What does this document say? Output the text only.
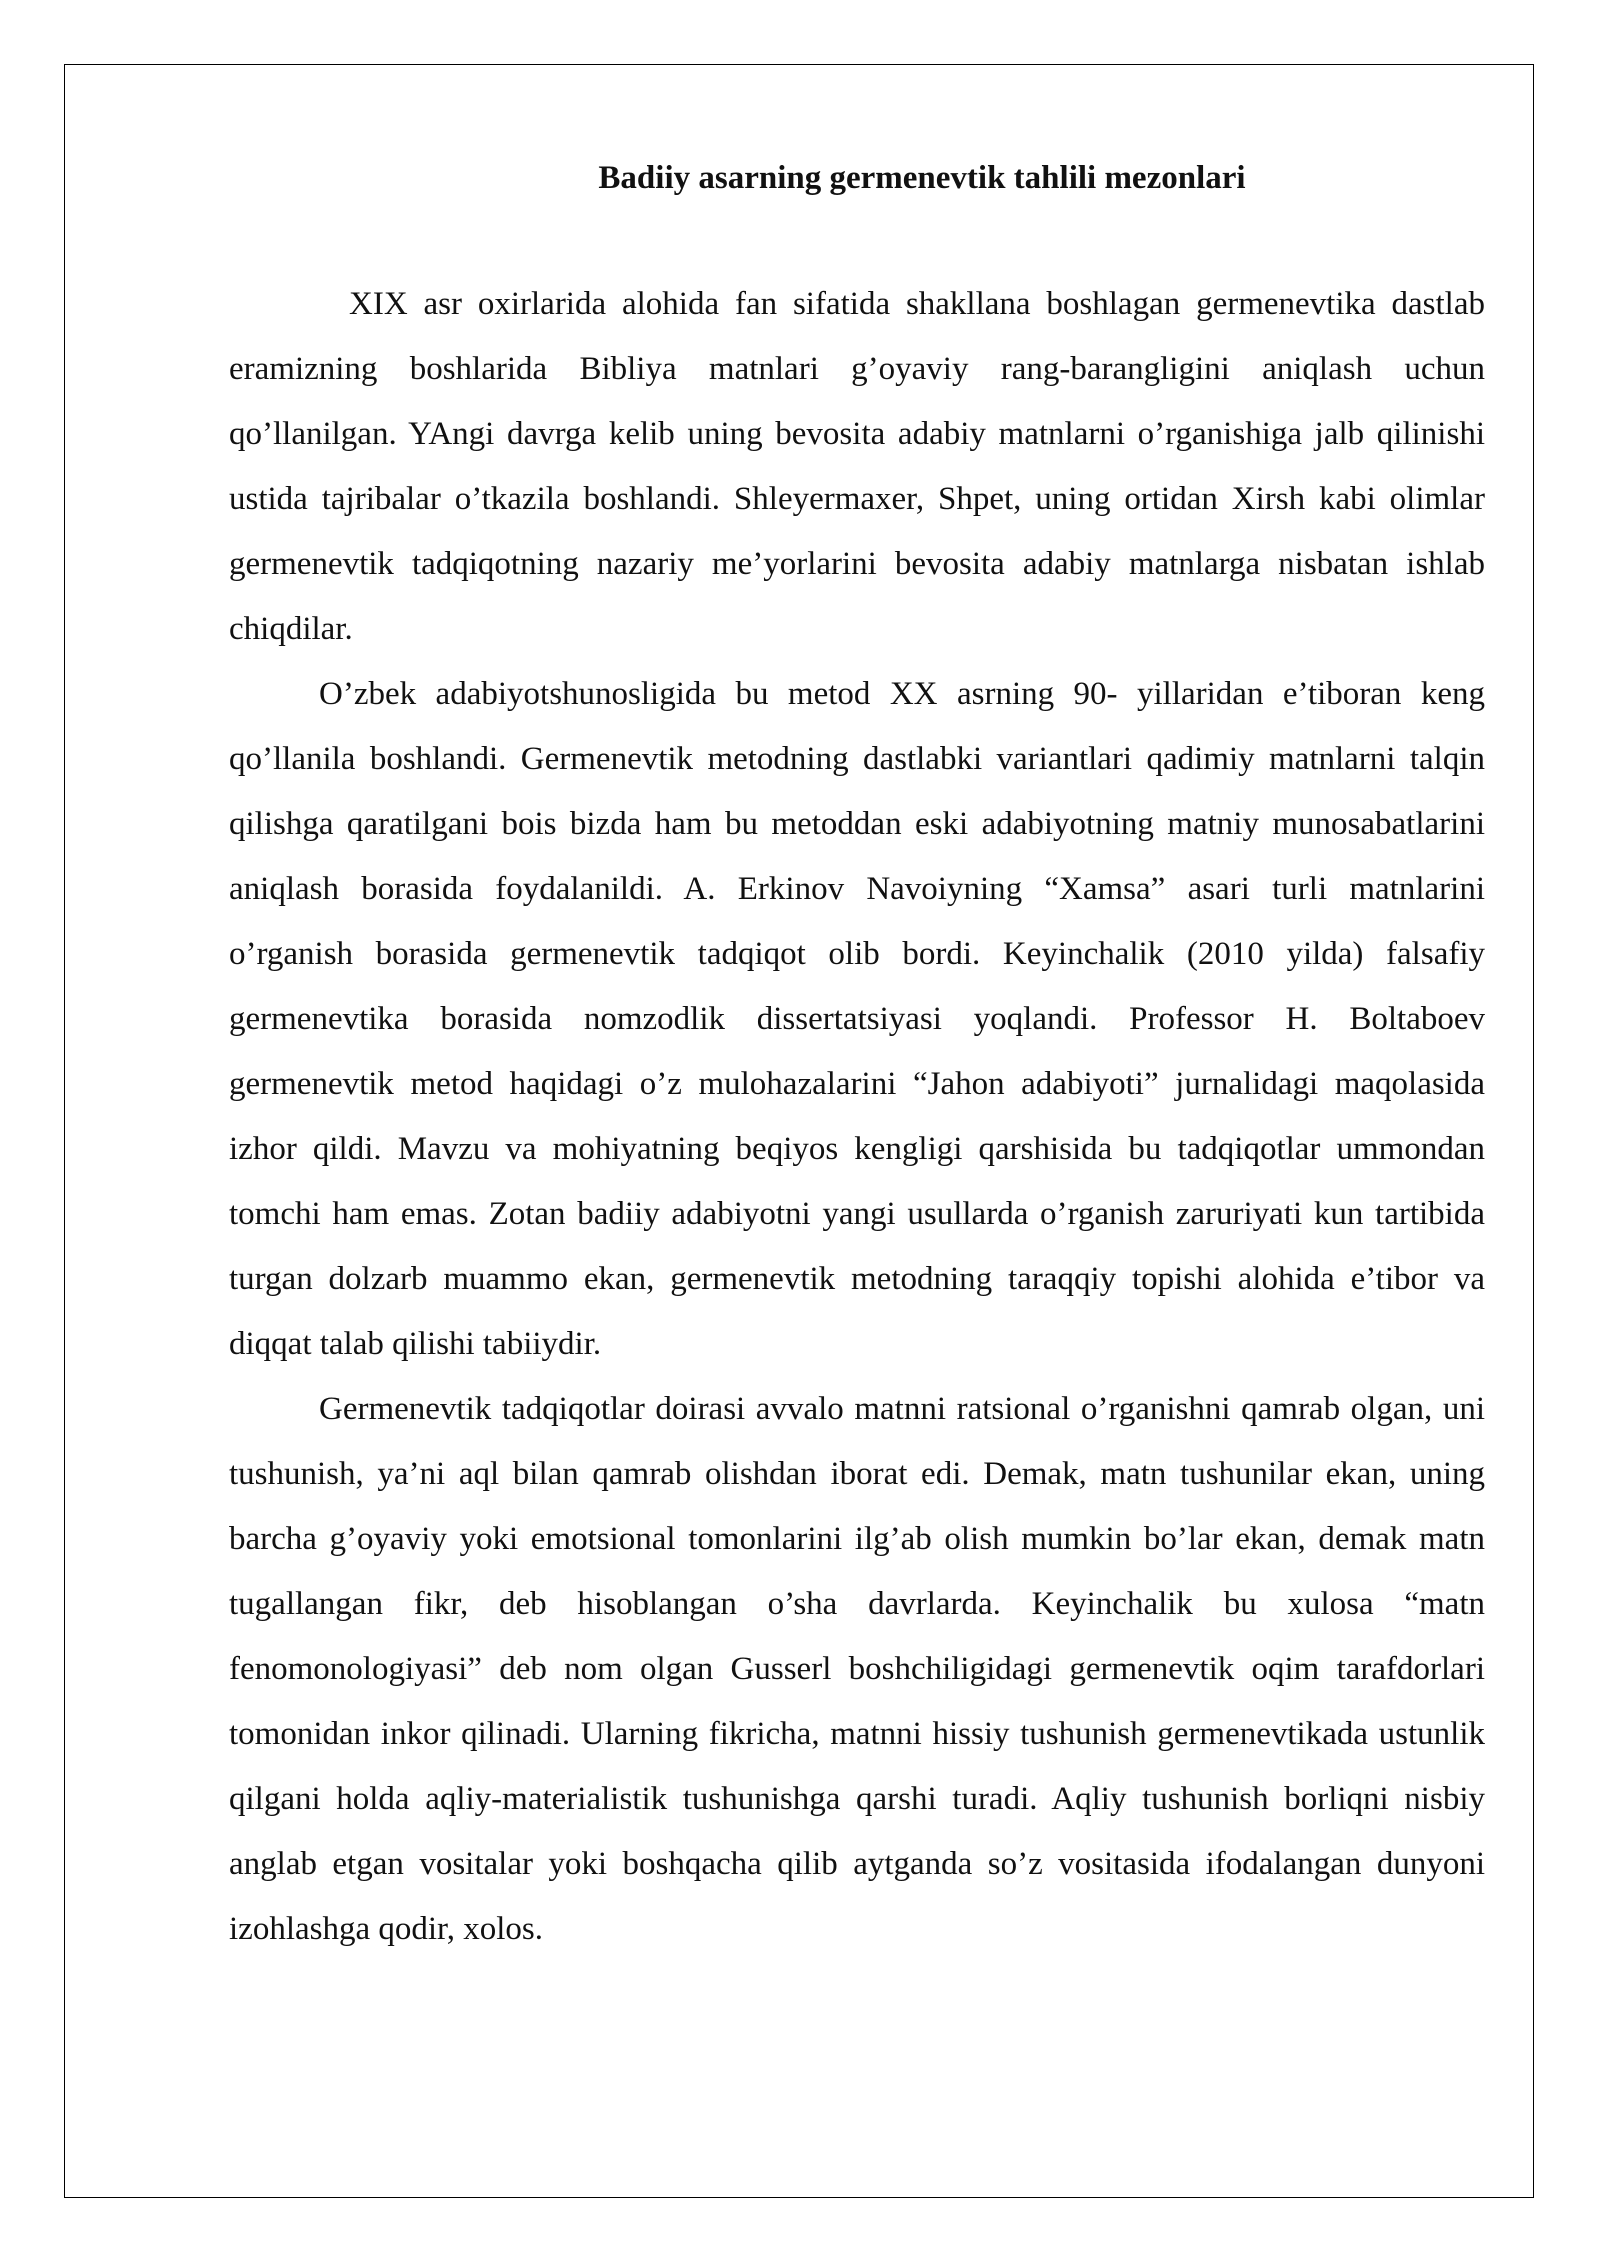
Badiiy asarning germenevtik tahlili mezonlari

XIX asr oxirlarida alohida fan sifatida shakllana boshlagan germenevtika dastlab eramizning boshlarida Bibliya matnlari g’oyaviy rang-barangligini aniqlash uchun qo’llanilgan. YAngi davrga kelib uning bevosita adabiy matnlarni o’rganishiga jalb qilinishi ustida tajribalar o’tkazila boshlandi. Shleyermaxer, Shpet, uning ortidan Xirsh kabi olimlar germenevtik tadqiqotning nazariy me’yorlarini bevosita adabiy matnlarga nisbatan ishlab chiqdilar.

O’zbek adabiyotshunosligida bu metod XX asrning 90- yillaridan e’tiboran keng qo’llanila boshlandi. Germenevtik metodning dastlabki variantlari qadimiy matnlarni talqin qilishga qaratilgani bois bizda ham bu metoddan eski adabiyotning matniy munosabatlarini aniqlash borasida foydalanildi. A. Erkinov Navoiyning “Xamsa” asari turli matnlarini o’rganish borasida germenevtik tadqiqot olib bordi. Keyinchalik (2010 yilda) falsafiy germenevtika borasida nomzodlik dissertatsiyasi yoqlandi. Professor H. Boltaboev germenevtik metod haqidagi o’z mulohazalarini “Jahon adabiyoti” jurnalidagi maqolasida izhor qildi. Mavzu va mohiyatning beqiyos kengligi qarshisida bu tadqiqotlar ummondan tomchi ham emas. Zotan badiiy adabiyotni yangi usullarda o’rganish zaruriyati kun tartibida turgan dolzarb muammo ekan, germenevtik metodning taraqqiy topishi alohida e’tibor va diqqat talab qilishi tabiiydir.

Germenevtik tadqiqotlar doirasi avvalo matnni ratsional o’rganishni qamrab olgan, uni tushunish, ya’ni aql bilan qamrab olishdan iborat edi. Demak, matn tushunilar ekan, uning barcha g’oyaviy yoki emotsional tomonlarini ilg’ab olish mumkin bo’lar ekan, demak matn tugallangan fikr, deb hisoblangan o’sha davrlarda. Keyinchalik bu xulosa “matn fenomonologiyasi” deb nom olgan Gusserl boshchiligidagi germenevtik oqim tarafdorlari tomonidan inkor qilinadi. Ularning fikricha, matnni hissiy tushunish germenevtikada ustunlik qilgani holda aqliy-materialistik tushunishga qarshi turadi. Aqliy tushunish borliqni nisbiy anglab etgan vositalar yoki boshqacha qilib aytganda so’z vositasida ifodalangan dunyoni izohlashga qodir, xolos.
